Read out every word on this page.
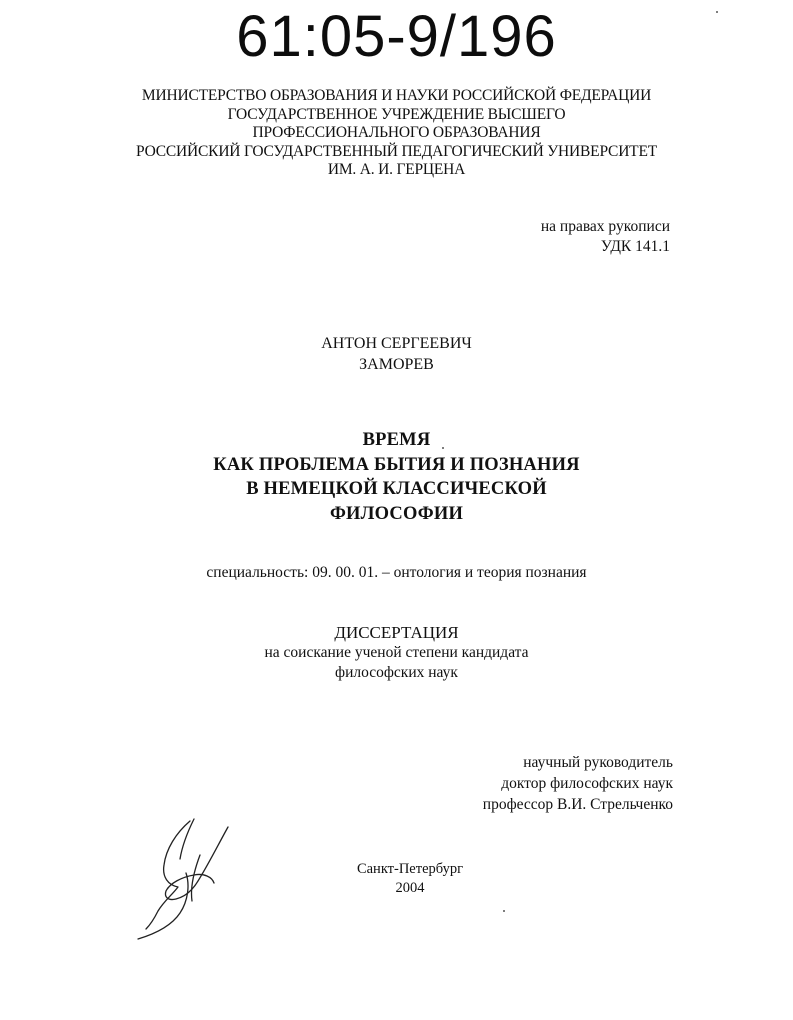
61:05-9/196
МИНИСТЕРСТВО ОБРАЗОВАНИЯ И НАУКИ РОССИЙСКОЙ ФЕДЕРАЦИИ
ГОСУДАРСТВЕННОЕ УЧРЕЖДЕНИЕ ВЫСШЕГО
ПРОФЕССИОНАЛЬНОГО ОБРАЗОВАНИЯ
РОССИЙСКИЙ ГОСУДАРСТВЕННЫЙ ПЕДАГОГИЧЕСКИЙ УНИВЕРСИТЕТ
ИМ. А. И. ГЕРЦЕНА
на правах рукописи
УДК 141.1
АНТОН СЕРГЕЕВИЧ
ЗАМОРЕВ
ВРЕМЯ
КАК ПРОБЛЕМА БЫТИЯ И ПОЗНАНИЯ
В НЕМЕЦКОЙ КЛАССИЧЕСКОЙ
ФИЛОСОФИИ
специальность: 09. 00. 01. – онтология и теория познания
ДИССЕРТАЦИЯ
на соискание ученой степени кандидата
философских наук
научный руководитель
доктор философских наук
профессор В.И. Стрельченко
Санкт-Петербург
2004
